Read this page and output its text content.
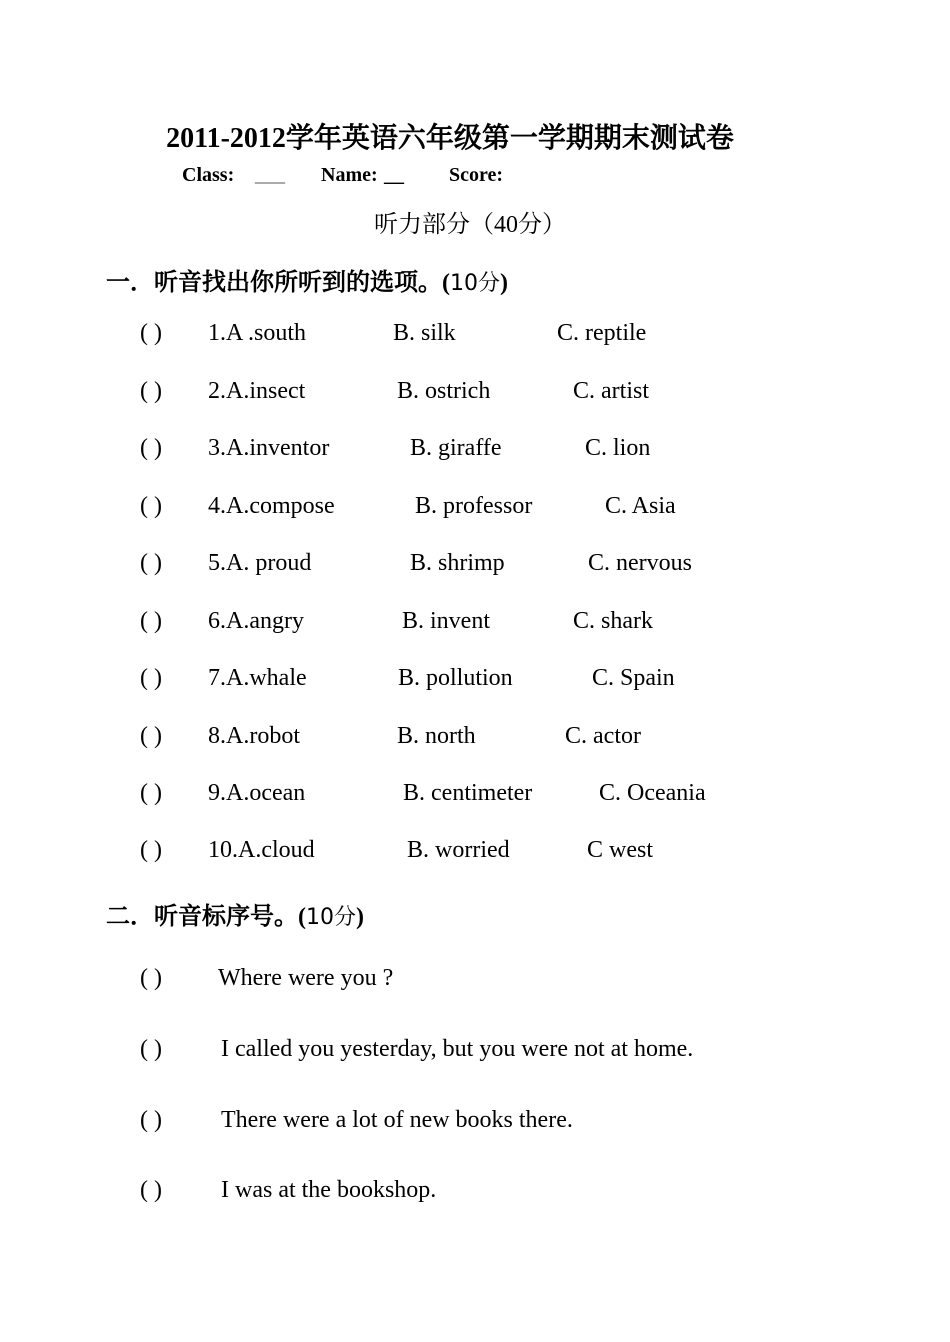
2011-2012学年英语六年级第一学期期末测试卷
Class: ___ Name: __ Score:
听力部分（40分）
一．听音找出你所听到的选项。(10分)
( ) 1.A .south	B. silk	C. reptile
( ) 2.A.insect	B. ostrich	C. artist
( ) 3.A.inventor	B. giraffe	C. lion
( ) 4.A.compose	B. professor	C. Asia
( ) 5.A. proud	B. shrimp	C. nervous
( ) 6.A.angry	B. invent	C. shark
( ) 7.A.whale	B. pollution	C. Spain
( ) 8.A.robot	B. north	C. actor
( ) 9.A.ocean	B. centimeter	C. Oceania
( ) 10.A.cloud	B. worried	C west
二．听音标序号。(10分)
( ) Where were you ?
( ) I called you yesterday, but you were not at home.
( ) There were a lot of new books there.
( ) I was at the bookshop.
